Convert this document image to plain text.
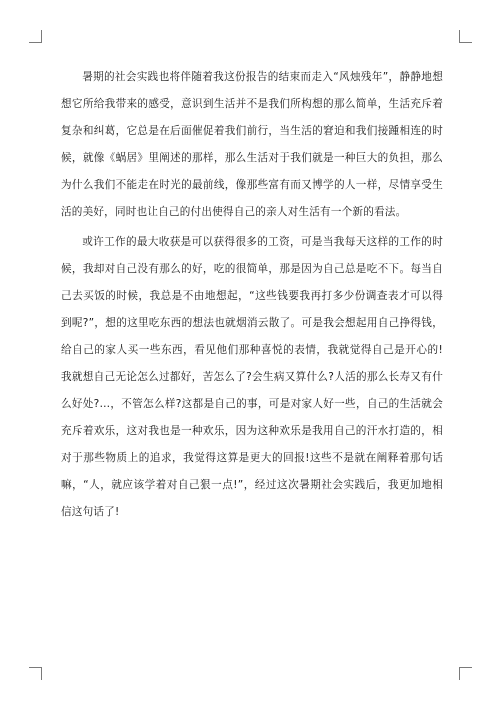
暑期的社会实践也将伴随着我这份报告的结束而走入“风烛残年”，静静地想想它所给我带来的感受，意识到生活并不是我们所构想的那么简单，生活充斥着复杂和纠葛，它总是在后面催促着我们前行，当生活的窘迫和我们接踵相连的时候，就像《蜗居》里阐述的那样，那么生活对于我们就是一种巨大的负担，那么为什么我们不能走在时光的最前线，像那些富有而又博学的人一样，尽情享受生活的美好，同时也让自己的付出使得自己的亲人对生活有一个新的看法。

或许工作的最大收获是可以获得很多的工资，可是当我每天这样的工作的时候，我却对自己没有那么的好，吃的很简单，那是因为自己总是吃不下。每当自己去买饭的时候，我总是不由地想起，“这些钱要我再打多少份调查表才可以得到呢?”，想的这里吃东西的想法也就烟消云散了。可是我会想起用自己挣得钱，给自己的家人买一些东西，看见他们那种喜悦的表情，我就觉得自己是开心的!我就想自己无论怎么过都好，苦怎么了?会生病又算什么?人活的那么长寿又有什么好处?…，不管怎么样?这都是自己的事，可是对家人好一些，自己的生活就会充斥着欢乐，这对我也是一种欢乐，因为这种欢乐是我用自己的汗水打造的，相对于那些物质上的追求，我觉得这算是更大的回报!这些不是就在阐释着那句话嘛，“人，就应该学着对自己狠一点!”，经过这次暑期社会实践后，我更加地相信这句话了!
